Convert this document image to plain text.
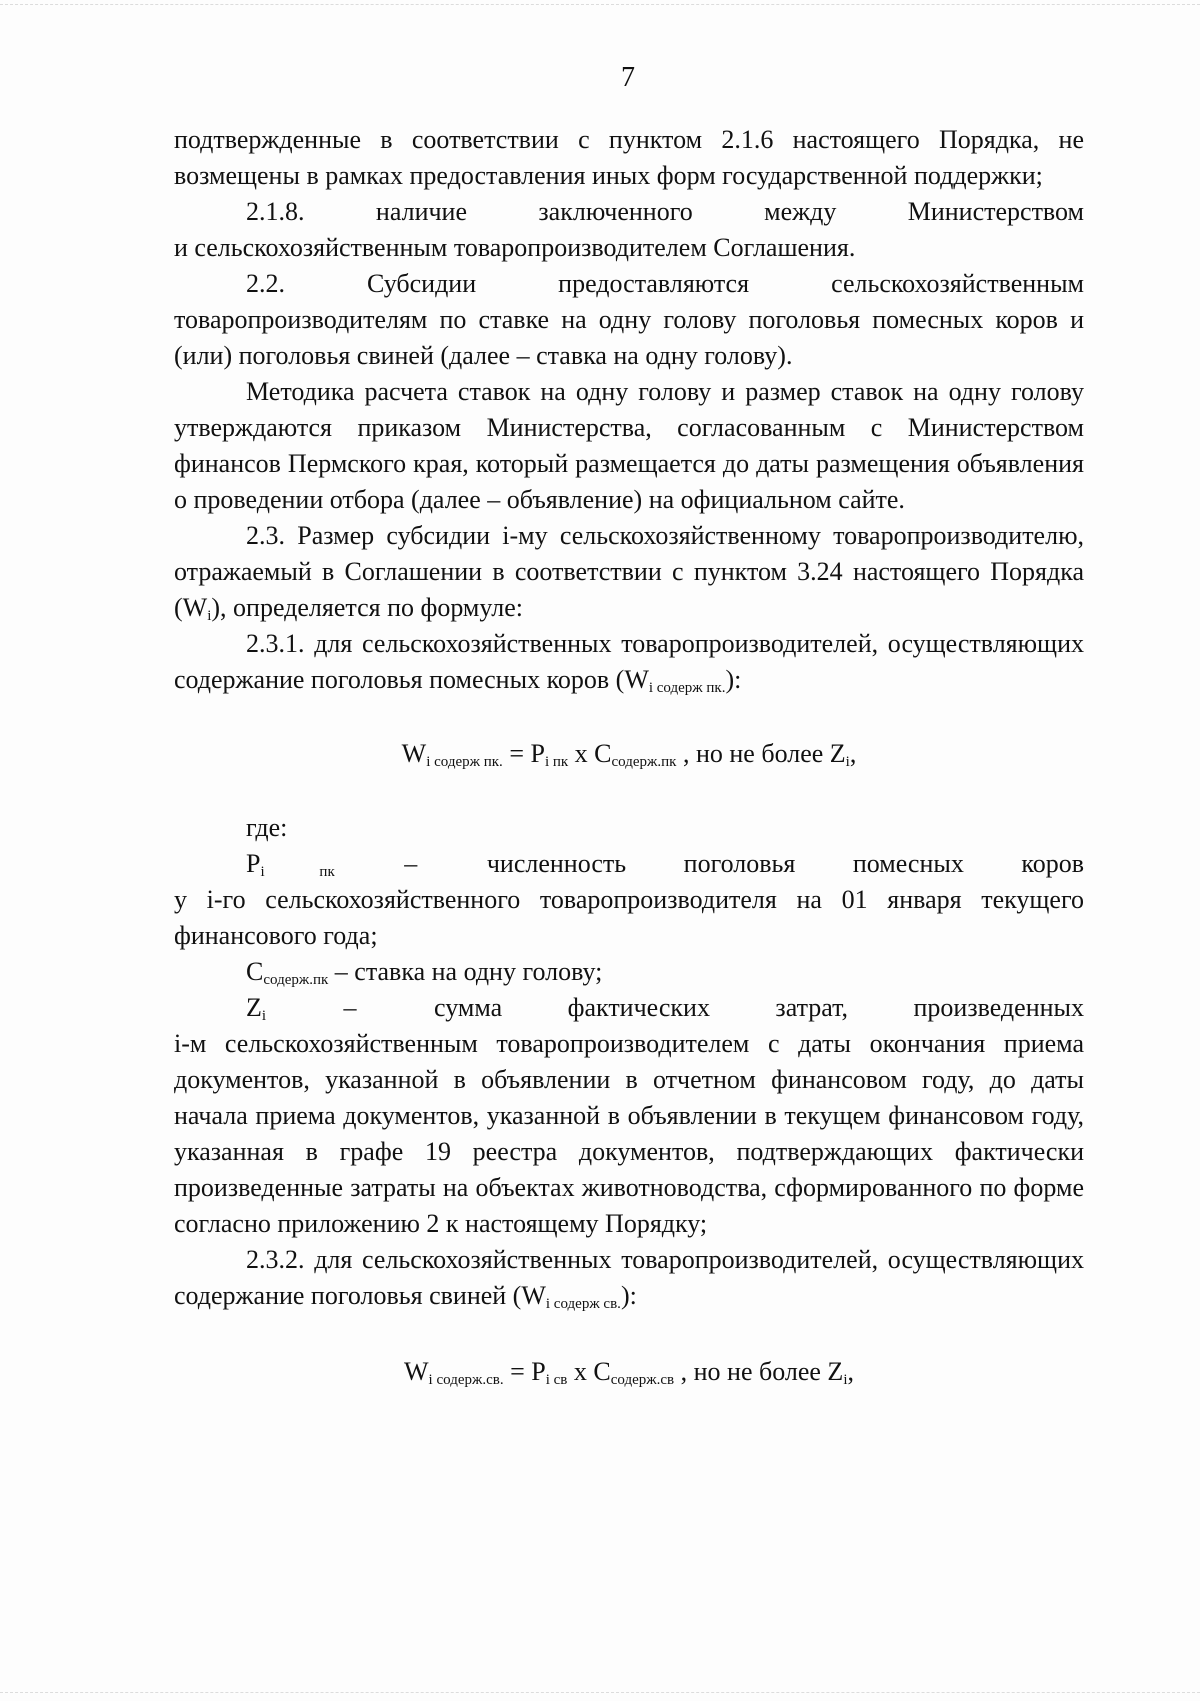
7

подтвержденные в соответствии с пунктом 2.1.6 настоящего Порядка, не возмещены в рамках предоставления иных форм государственной поддержки;

2.1.8. наличие заключенного между Министерством

и сельскохозяйственным товаропроизводителем Соглашения.

2.2. Субсидии предоставляются сельскохозяйственным товаропроизводителям по ставке на одну голову поголовья помесных коров и (или) поголовья свиней (далее – ставка на одну голову).

Методика расчета ставок на одну голову и размер ставок на одну голову утверждаются приказом Министерства, согласованным с Министерством финансов Пермского края, который размещается до даты размещения объявления о проведении отбора (далее – объявление) на официальном сайте.

2.3. Размер субсидии i-му сельскохозяйственному товаропроизводителю, отражаемый в Соглашении в соответствии с пунктом 3.24 настоящего Порядка $(W_i)$, определяется по формуле:

2.3.1. для сельскохозяйственных товаропроизводителей, осуществляющих содержание поголовья помесных коров $(W_{i содерж пк.})$:

$W_{i содерж пк.} = P_{i пк}$ x $C_{содерж.пк}$ , но не более $Z_i$,

где:

$P_{i пк}$	–	численность поголовья помесных коров

у i-го сельскохозяйственного товаропроизводителя на 01 января текущего финансового года;

$C_{содерж.пк}$ – ставка на одну голову;

$Z_i$	–	сумма фактических затрат, произведенных

i-м сельскохозяйственным товаропроизводителем с даты окончания приема документов, указанной в объявлении в отчетном финансовом году, до даты начала приема документов, указанной в объявлении в текущем финансовом году, указанная в графе 19 реестра документов, подтверждающих фактически произведенные затраты на объектах животноводства, сформированного по форме согласно приложению 2 к настоящему Порядку;

2.3.2. для сельскохозяйственных товаропроизводителей, осуществляющих содержание поголовья свиней $(W_{i содерж св.})$:

$W_{i содерж.св.} = P_{i св}$ x $C_{содерж.св}$ , но не более $Z_i$,
